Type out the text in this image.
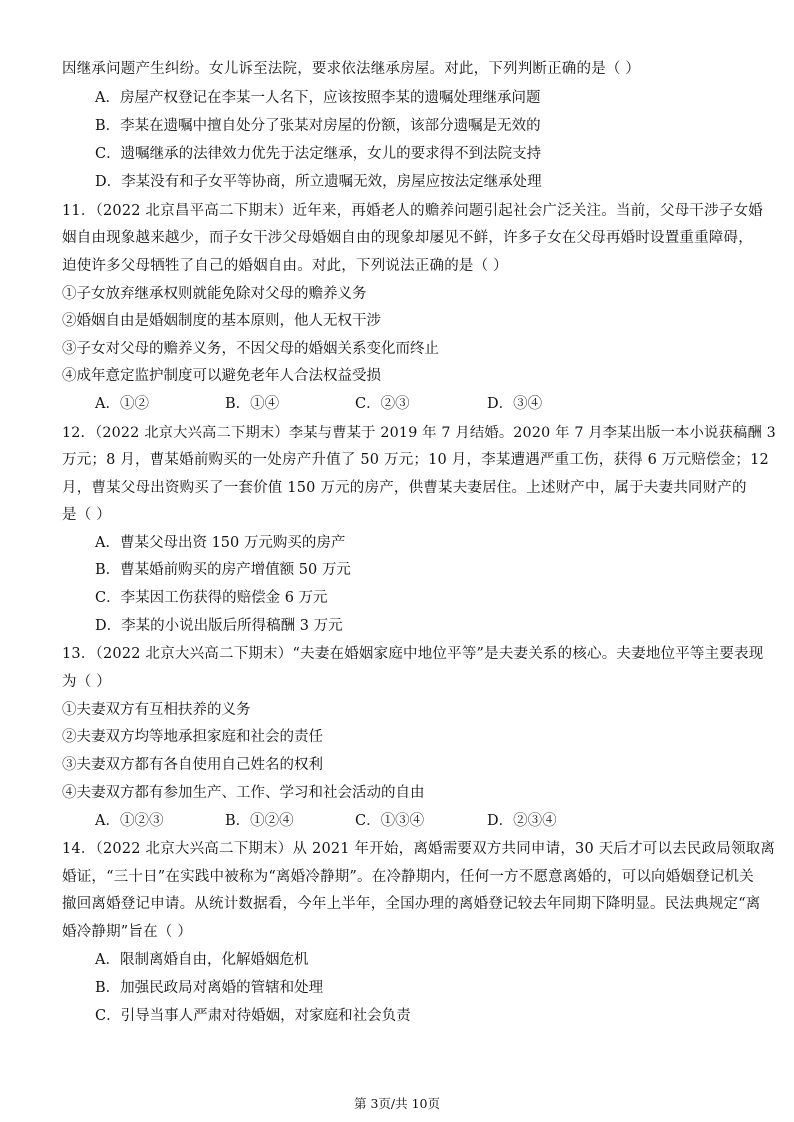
因继承问题产生纠纷。女儿诉至法院，要求依法继承房屋。对此，下列判断正确的是（ ）
A．房屋产权登记在李某一人名下，应该按照李某的遗嘱处理继承问题
B．李某在遗嘱中擅自处分了张某对房屋的份额，该部分遗嘱是无效的
C．遗嘱继承的法律效力优先于法定继承，女儿的要求得不到法院支持
D．李某没有和子女平等协商，所立遗嘱无效，房屋应按法定继承处理
11．（2022 北京昌平高二下期末）近年来，再婚老人的赡养问题引起社会广泛关注。当前，父母干涉子女婚
姻自由现象越来越少，而子女干涉父母婚姻自由的现象却屡见不鲜，许多子女在父母再婚时设置重重障碍，
迫使许多父母牺牲了自己的婚姻自由。对此，下列说法正确的是（ ）
①子女放弃继承权则就能免除对父母的赡养义务
②婚姻自由是婚姻制度的基本原则，他人无权干涉
③子女对父母的赡养义务，不因父母的婚姻关系变化而终止
④成年意定监护制度可以避免老年人合法权益受损
A．①②	B．①④	C．②③	D．③④
12．（2022 北京大兴高二下期末）李某与曹某于 2019 年 7 月结婚。2020 年 7 月李某出版一本小说获稿酬 3
万元；8 月，曹某婚前购买的一处房产升值了 50 万元；10 月，李某遭遇严重工伤，获得 6 万元赔偿金；12
月，曹某父母出资购买了一套价值 150 万元的房产，供曹某夫妻居住。上述财产中，属于夫妻共同财产的
是（ ）
A．曹某父母出资 150 万元购买的房产
B．曹某婚前购买的房产增值额 50 万元
C．李某因工伤获得的赔偿金 6 万元
D．李某的小说出版后所得稿酬 3 万元
13．（2022 北京大兴高二下期末）“夫妻在婚姻家庭中地位平等”是夫妻关系的核心。夫妻地位平等主要表现
为（ ）
①夫妻双方有互相扶养的义务
②夫妻双方均等地承担家庭和社会的责任
③夫妻双方都有各自使用自己姓名的权利
④夫妻双方都有参加生产、工作、学习和社会活动的自由
A．①②③	B．①②④	C．①③④	D．②③④
14．（2022 北京大兴高二下期末）从 2021 年开始，离婚需要双方共同申请，30 天后才可以去民政局领取离
婚证，“三十日”在实践中被称为“离婚冷静期”。在冷静期内，任何一方不愿意离婚的，可以向婚姻登记机关
撤回离婚登记申请。从统计数据看，今年上半年，全国办理的离婚登记较去年同期下降明显。民法典规定“离
婚冷静期”旨在（ ）
A．限制离婚自由，化解婚姻危机
B．加强民政局对离婚的管辖和处理
C．引导当事人严肃对待婚姻，对家庭和社会负责
第 3页/共 10页
